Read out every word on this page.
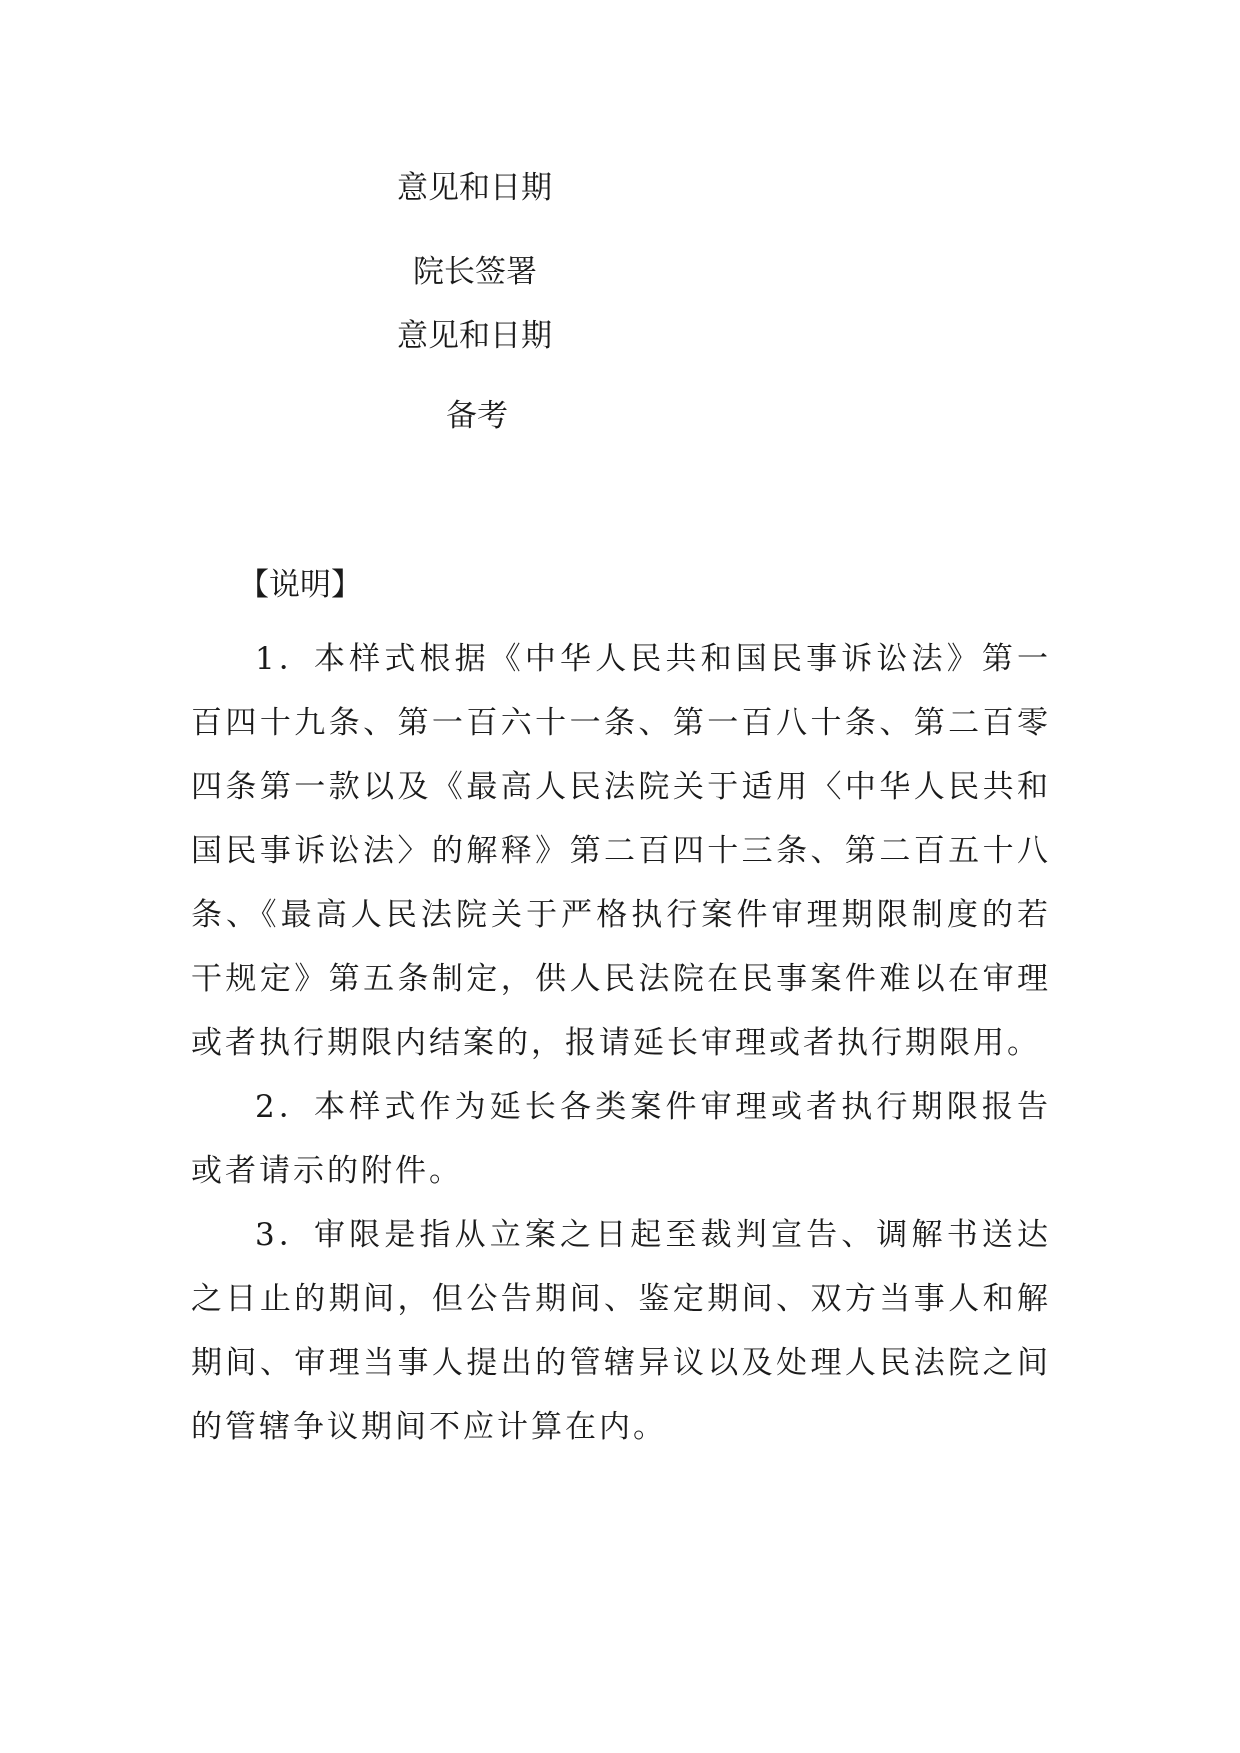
意见和日期
院长签署
意见和日期
备考
【说明】

1．本样式根据《中华人民共和国民事诉讼法》第一百四十九条、第一百六十一条、第一百八十条、第二百零四条第一款以及《最高人民法院关于适用〈中华人民共和国民事诉讼法〉的解释》第二百四十三条、第二百五十八条、《最高人民法院关于严格执行案件审理期限制度的若干规定》第五条制定，供人民法院在民事案件难以在审理或者执行期限内结案的，报请延长审理或者执行期限用。

2．本样式作为延长各类案件审理或者执行期限报告或者请示的附件。

3．审限是指从立案之日起至裁判宣告、调解书送达之日止的期间，但公告期间、鉴定期间、双方当事人和解期间、审理当事人提出的管辖异议以及处理人民法院之间的管辖争议期间不应计算在内。
